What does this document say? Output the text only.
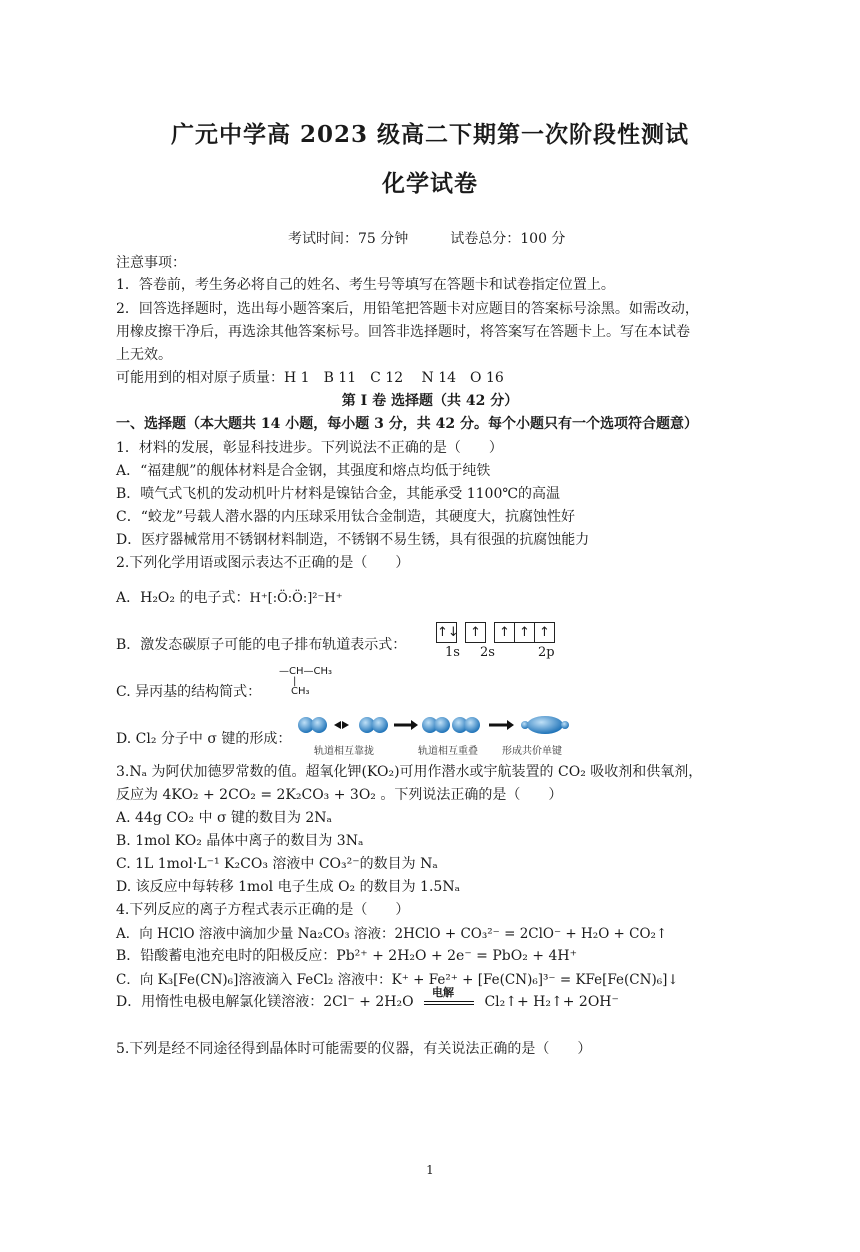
广元中学高 2023 级高二下期第一次阶段性测试
化学试卷
考试时间：75 分钟　　　试卷总分：100 分
注意事项：
1．答卷前，考生务必将自己的姓名、考生号等填写在答题卡和试卷指定位置上。
2．回答选择题时，选出每小题答案后，用铅笔把答题卡对应题目的答案标号涂黑。如需改动，
用橡皮擦干净后，再选涂其他答案标号。回答非选择题时，将答案写在答题卡上。写在本试卷
上无效。
可能用到的相对原子质量：H 1　B 11　C 12　 N 14　O 16
第 I 卷 选择题（共 42 分）
一、选择题（本大题共 14 小题，每小题 3 分，共 42 分。每个小题只有一个选项符合题意）
1．材料的发展，彰显科技进步。下列说法不正确的是（　　）
A．“福建舰”的舰体材料是合金钢，其强度和熔点均低于纯铁
B．喷气式飞机的发动机叶片材料是镍钴合金，其能承受 1100℃的高温
C．“蛟龙”号载人潜水器的内压球采用钛合金制造，其硬度大，抗腐蚀性好
D．医疗器械常用不锈钢材料制造，不锈钢不易生锈，具有很强的抗腐蚀能力
2.下列化学用语或图示表达不正确的是（　　）
A．H₂O₂ 的电子式：H⁺[:Ö:Ö:]²⁻H⁺
B．激发态碳原子可能的电子排布轨道表示式：
↑↓ ↑ ↑ ↑ ↑
1s 2s	2p
C. 异丙基的结构简式：
—CH—CH₃
|
CH₃
D. Cl₂ 分子中 σ 键的形成：
轨道相互靠拢	轨道相互重叠 形成共价单键
3.Nₐ 为阿伏加德罗常数的值。超氧化钾(KO₂)可用作潜水或宇航装置的 CO₂ 吸收剂和供氧剂，
反应为 4KO₂ + 2CO₂ = 2K₂CO₃ + 3O₂ 。下列说法正确的是（　　）
A. 44g CO₂ 中 σ 键的数目为 2Nₐ
B. 1mol KO₂ 晶体中离子的数目为 3Nₐ
C. 1L 1mol·L⁻¹ K₂CO₃ 溶液中 CO₃²⁻的数目为 Nₐ
D. 该反应中每转移 1mol 电子生成 O₂ 的数目为 1.5Nₐ
4.下列反应的离子方程式表示正确的是（　　）
A．向 HClO 溶液中滴加少量 Na₂CO₃ 溶液：2HClO + CO₃²⁻ = 2ClO⁻ + H₂O + CO₂↑
B．铅酸蓄电池充电时的阳极反应：Pb²⁺ + 2H₂O + 2e⁻ = PbO₂ + 4H⁺
C．向 K₃[Fe(CN)₆]溶液滴入 FeCl₂ 溶液中：K⁺ + Fe²⁺ + [Fe(CN)₆]³⁻ = KFe[Fe(CN)₆]↓
D．用惰性电极电解氯化镁溶液：2Cl⁻ + 2H₂O
电解
Cl₂↑+ H₂↑+ 2OH⁻
5.下列是经不同途径得到晶体时可能需要的仪器，有关说法正确的是（　　）
1
